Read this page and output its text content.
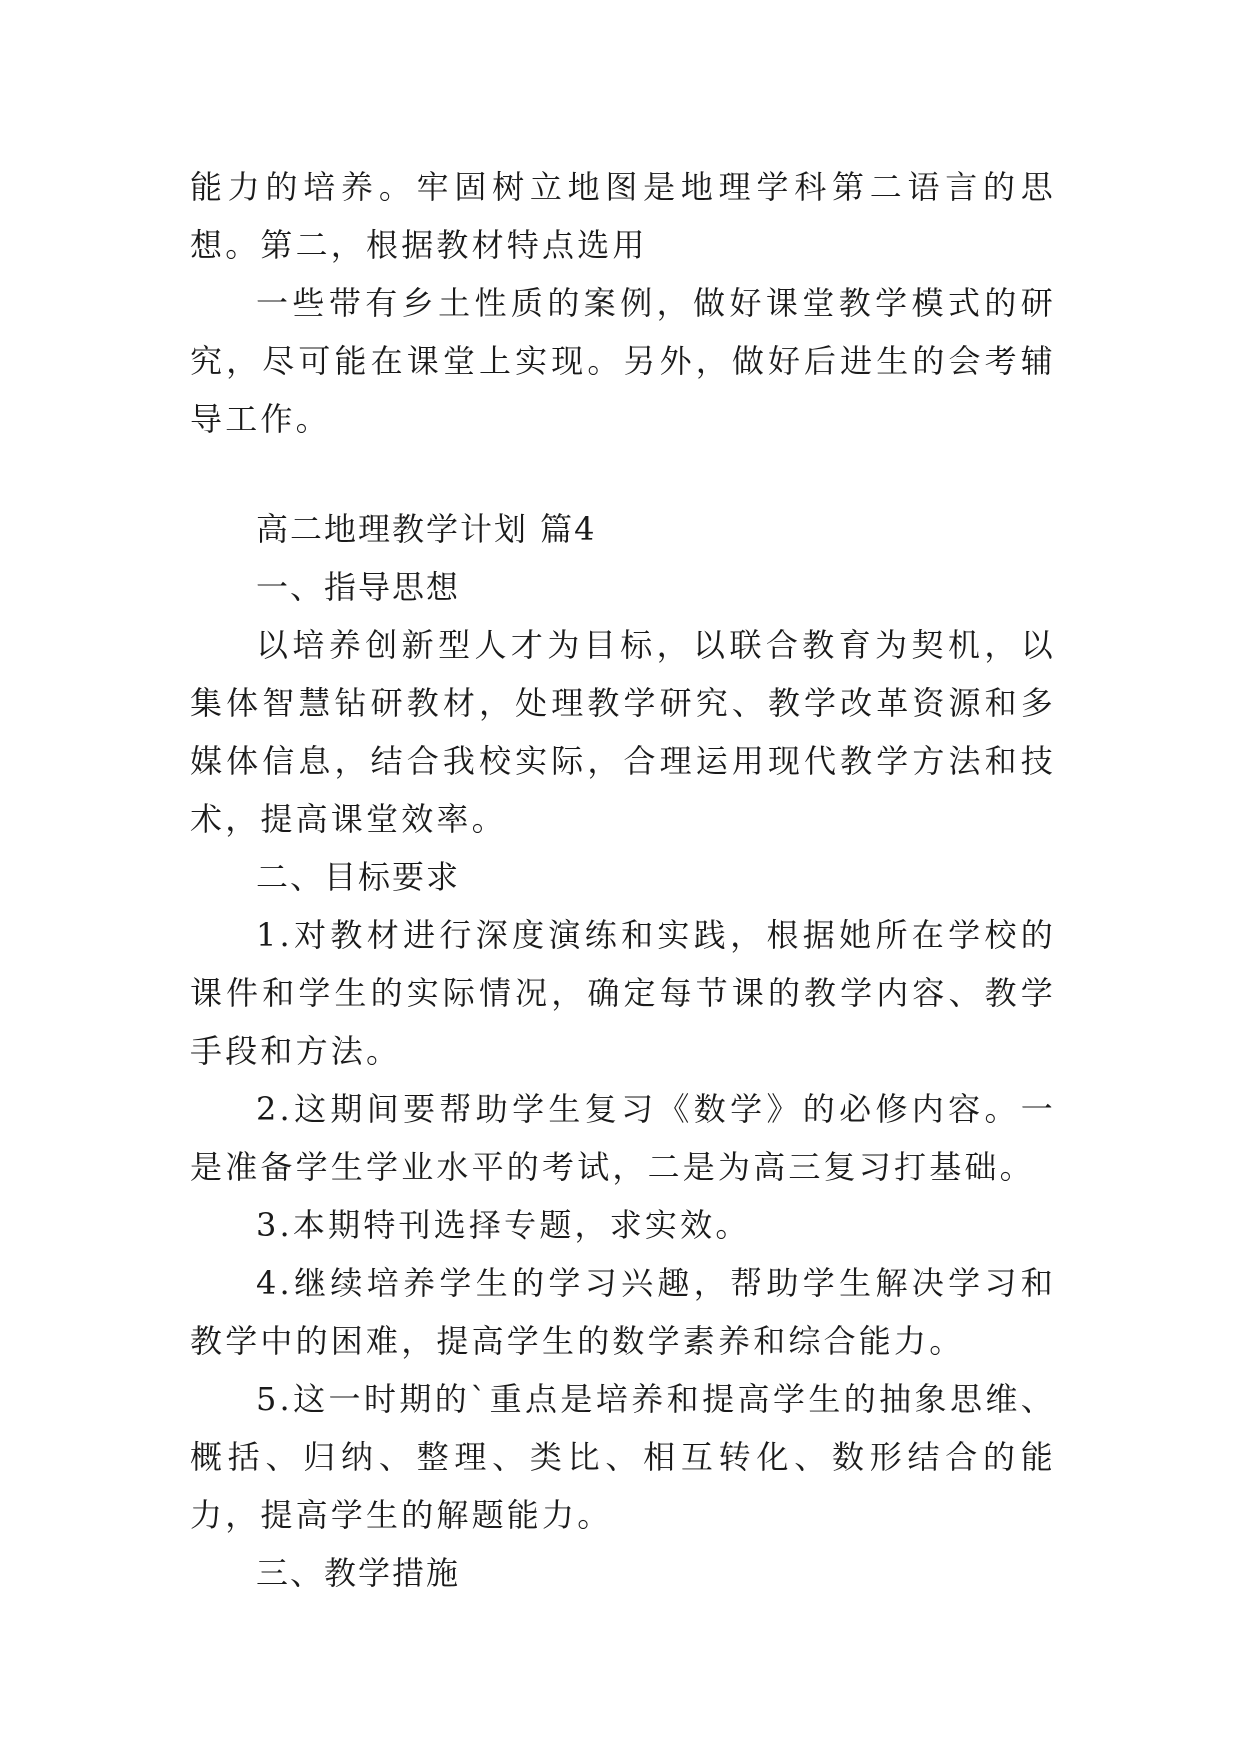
能力的培养。牢固树立地图是地理学科第二语言的思想。第二，根据教材特点选用

一些带有乡土性质的案例，做好课堂教学模式的研究，尽可能在课堂上实现。另外，做好后进生的会考辅导工作。

高二地理教学计划 篇4

一、指导思想

以培养创新型人才为目标，以联合教育为契机，以集体智慧钻研教材，处理教学研究、教学改革资源和多媒体信息，结合我校实际，合理运用现代教学方法和技术，提高课堂效率。

二、目标要求

1.对教材进行深度演练和实践，根据她所在学校的课件和学生的实际情况，确定每节课的教学内容、教学手段和方法。

2.这期间要帮助学生复习《数学》的必修内容。一是准备学生学业水平的考试，二是为高三复习打基础。

3.本期特刊选择专题，求实效。

4.继续培养学生的学习兴趣，帮助学生解决学习和教学中的困难，提高学生的数学素养和综合能力。

5.这一时期的`重点是培养和提高学生的抽象思维、概括、归纳、整理、类比、相互转化、数形结合的能力，提高学生的解题能力。

三、教学措施
